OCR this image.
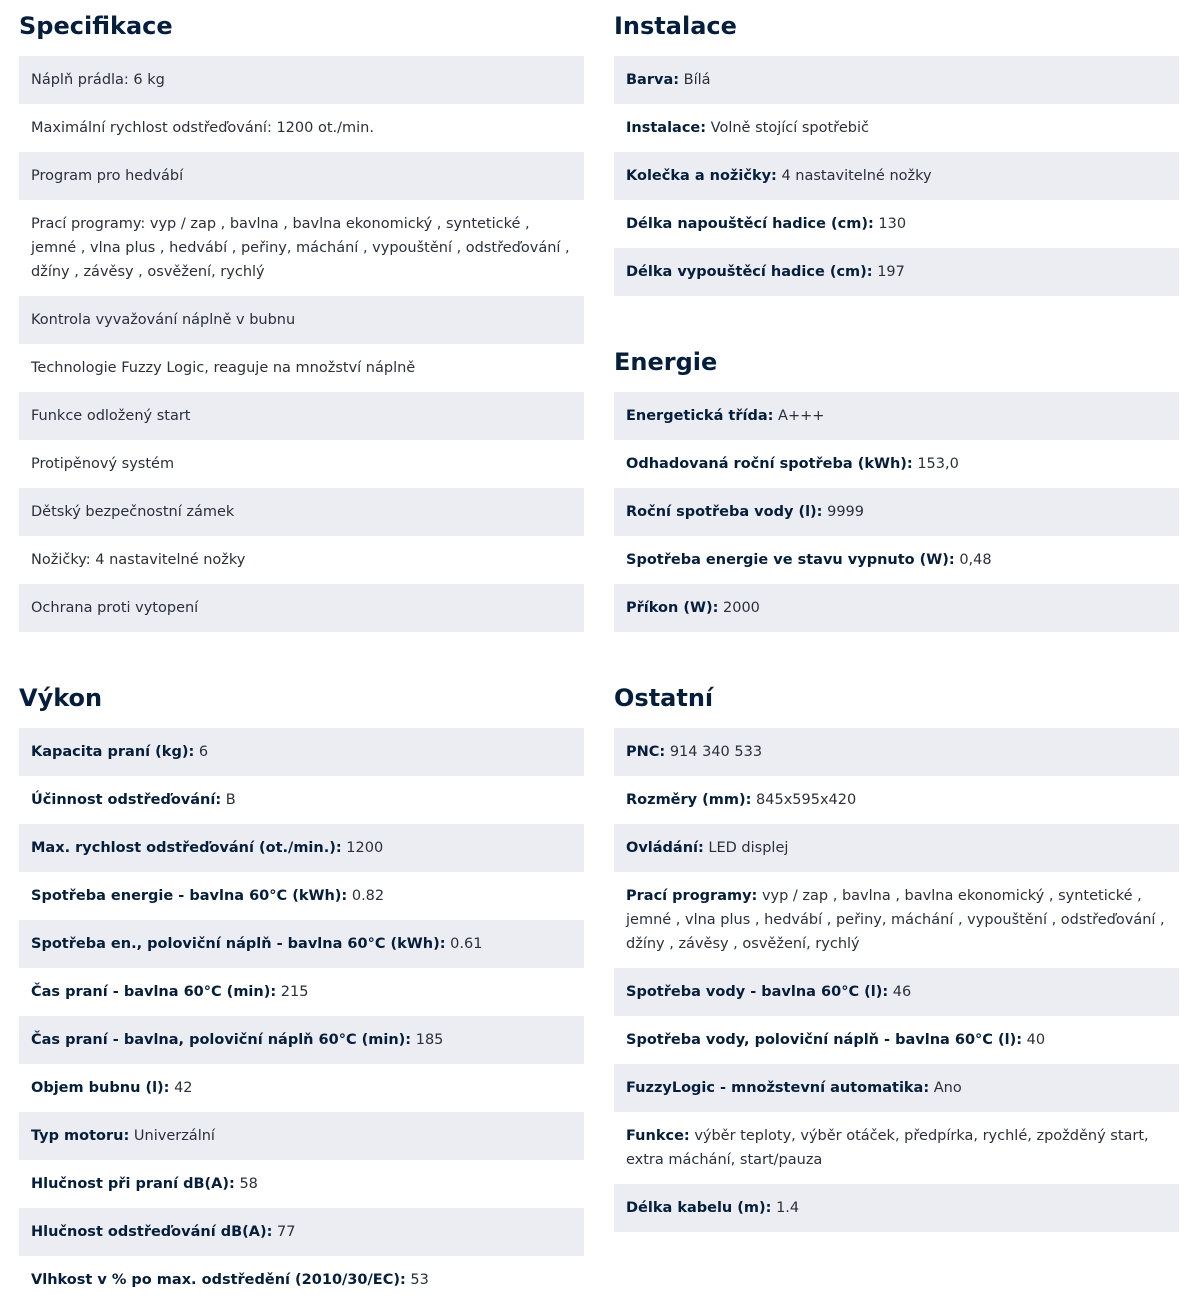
Specifikace
Náplň prádla: 6 kg
Maximální rychlost odstřeďování: 1200 ot./min.
Program pro hedvábí
Prací programy: vyp / zap , bavlna , bavlna ekonomický , syntetické , jemné , vlna plus , hedvábí , peřiny, máchání , vypouštění , odstřeďování , džíny , závěsy , osvěžení, rychlý
Kontrola vyvažování náplně v bubnu
Technologie Fuzzy Logic, reaguje na množství náplně
Funkce odložený start
Protipěnový systém
Dětský bezpečnostní zámek
Nožičky: 4 nastavitelné nožky
Ochrana proti vytopení
Výkon
Kapacita praní (kg): 6
Účinnost odstřeďování: B
Max. rychlost odstřeďování (ot./min.): 1200
Spotřeba energie - bavlna 60°C (kWh): 0.82
Spotřeba en., poloviční náplň - bavlna 60°C (kWh): 0.61
Čas praní - bavlna 60°C (min): 215
Čas praní - bavlna, poloviční náplň 60°C (min): 185
Objem bubnu (l): 42
Typ motoru: Univerzální
Hlučnost při praní dB(A): 58
Hlučnost odstřeďování dB(A): 77
Vlhkost v % po max. odstředění (2010/30/EC): 53
Instalace
Barva: Bílá
Instalace: Volně stojící spotřebič
Kolečka a nožičky: 4 nastavitelné nožky
Délka napouštěcí hadice (cm): 130
Délka vypouštěcí hadice (cm): 197
Energie
Energetická třída: A+++
Odhadovaná roční spotřeba (kWh): 153,0
Roční spotřeba vody (l): 9999
Spotřeba energie ve stavu vypnuto (W): 0,48
Příkon (W): 2000
Ostatní
PNC: 914 340 533
Rozměry (mm): 845x595x420
Ovládání: LED displej
Prací programy: vyp / zap , bavlna , bavlna ekonomický , syntetické , jemné , vlna plus , hedvábí , peřiny, máchání , vypouštění , odstřeďování , džíny , závěsy , osvěžení, rychlý
Spotřeba vody - bavlna 60°C (l): 46
Spotřeba vody, poloviční náplň - bavlna 60°C (l): 40
FuzzyLogic - množstevní automatika: Ano
Funkce: výběr teploty, výběr otáček, předpírka, rychlé, zpožděný start, extra máchání, start/pauza
Délka kabelu (m): 1.4
